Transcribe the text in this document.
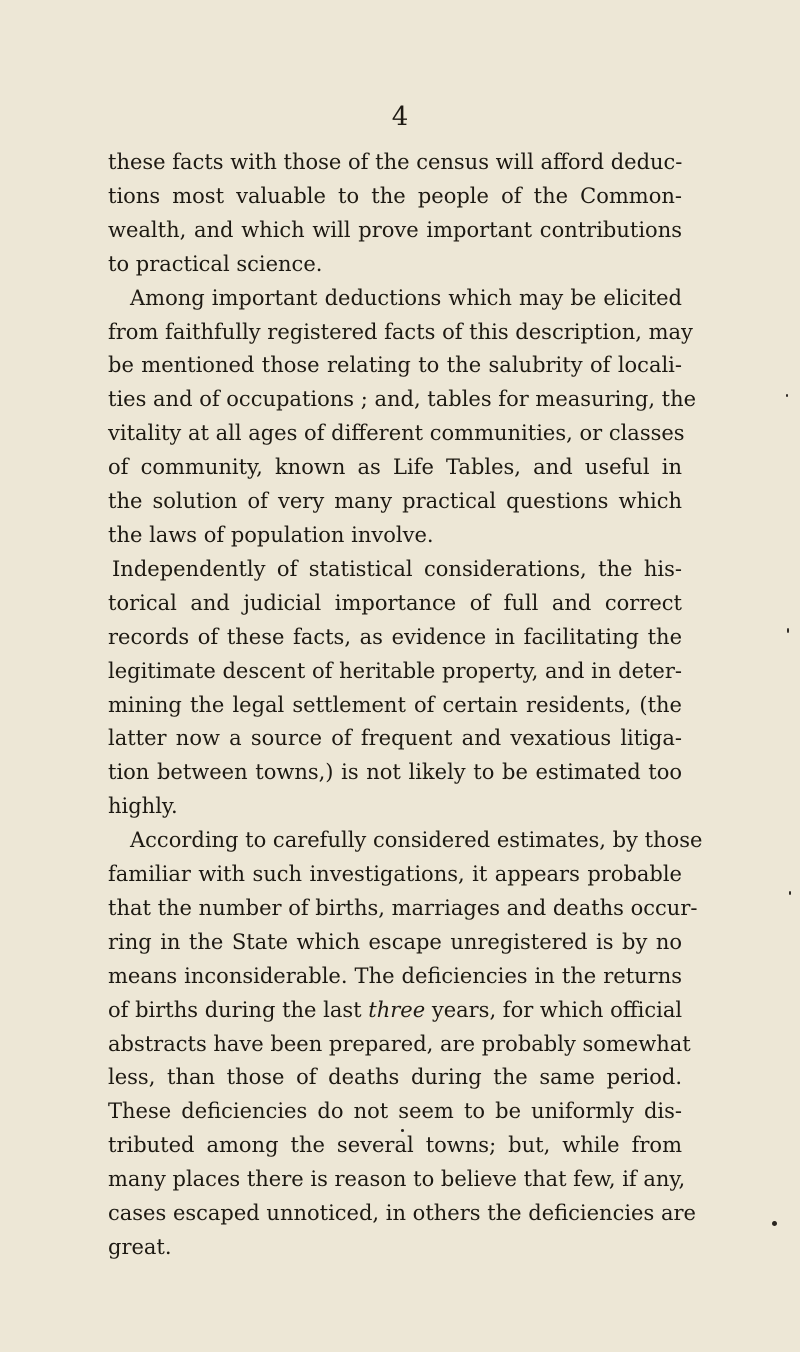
4
these facts with those of the census will afford deduc-
tions most valuable to the people of the Common-
wealth, and which will prove important contributions
to practical science.
Among important deductions which may be elicited
from faithfully registered facts of this description, may
be mentioned those relating to the salubrity of locali-
ties and of occupations ; and, tables for measuring, the
vitality at all ages of different communities, or classes
of community, known as Life Tables, and useful in
the solution of very many practical questions which
the laws of population involve.
Independently of statistical considerations, the his-
torical and judicial importance of full and correct
records of these facts, as evidence in facilitating the
legitimate descent of heritable property, and in deter-
mining the legal settlement of certain residents, (the
latter now a source of frequent and vexatious litiga-
tion between towns,) is not likely to be estimated too
highly.
According to carefully considered estimates, by those
familiar with such investigations, it appears probable
that the number of births, marriages and deaths occur-
ring in the State which escape unregistered is by no
means inconsiderable. The deficiencies in the returns
of births during the last three years, for which official
abstracts have been prepared, are probably somewhat
less, than those of deaths during the same period.
These deficiencies do not seem to be uniformly dis-
tributed among the several towns; but, while from
many places there is reason to believe that few, if any,
cases escaped unnoticed, in others the deficiencies are
great.
